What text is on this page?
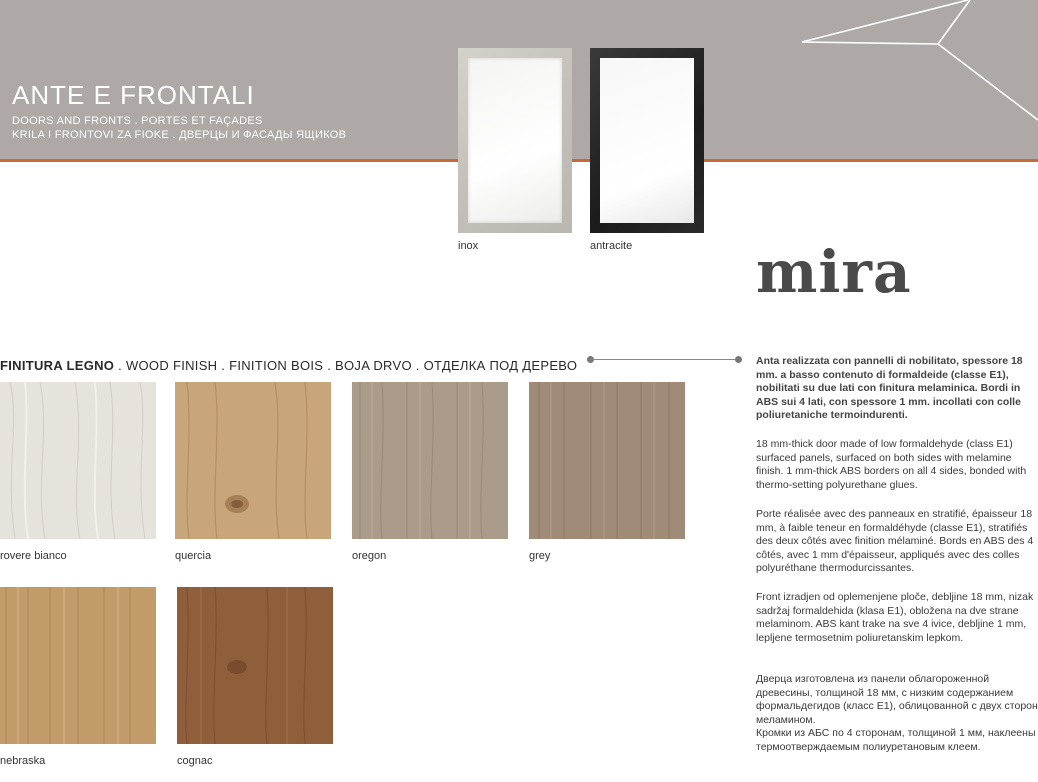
ANTE E FRONTALI
DOORS AND FRONTS . PORTES ET FAÇADES
KRILA I FRONTOVI ZA FIOKE . ДВЕРЦЫ И ФАСАДЫ ЯЩИКОВ
inox	antracite mira
FINITURA LEGNO . WOOD FINISH . FINITION BOIS . BOJA DRVO . ОТДЕЛКА ПОД ДЕРЕВО
rovere bianco	quercia	oregon	grey
nebraska	cognac
Anta realizzata con pannelli di nobilitato, spessore 18 mm. a basso contenuto di formaldeide (classe E1), nobilitati su due lati con finitura melaminica. Bordi in ABS sui 4 lati, con spessore 1 mm. incollati con colle poliuretaniche termoindurenti.
18 mm-thick door made of low formaldehyde (class E1) surfaced panels, surfaced on both sides with melamine finish. 1 mm-thick ABS borders on all 4 sides, bonded with thermo-setting polyurethane glues.
Porte réalisée avec des panneaux en stratifié, épaisseur 18 mm, à faible teneur en formaldéhyde (classe E1), stratifiés des deux côtés avec finition mélaminé. Bords en ABS des 4 côtés, avec 1 mm d'épaisseur, appliqués avec des colles polyuréthane thermodurcissantes.
Front izradjen od oplemenjene ploče, debljine 18 mm, nizak sadržaj formaldehida (klasa E1), obložena na dve strane melaminom. ABS kant trake na sve 4 ivice, debljine 1 mm, lepljene termosetnim poliuretanskim lepkom.
Дверца изготовлена из панели облагороженной древесины, толщиной 18 мм, с низким содержанием формальдегидов (класс E1), облицованной с двух сторон меламином.
Кромки из АБС по 4 сторонам, толщиной 1 мм, наклеены термоотверждаемым полиуретановым клеем.
